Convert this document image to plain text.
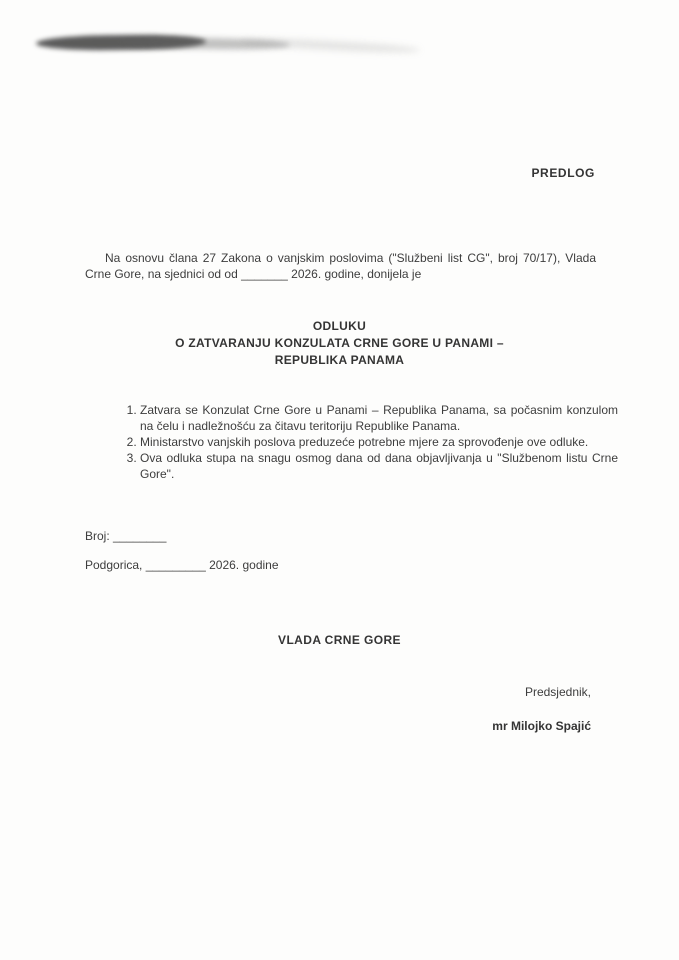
PREDLOG

Na osnovu člana 27 Zakona o vanjskim poslovima ("Službeni list CG", broj 70/17), Vlada Crne Gore, na sjednici od od _______ 2026. godine, donijela je

ODLUKU
O ZATVARANJU KONZULATA CRNE GORE U PANAMI –
REPUBLIKA PANAMA
1. Zatvara se Konzulat Crne Gore u Panami – Republika Panama, sa počasnim konzulom na čelu i nadležnošću za čitavu teritoriju Republike Panama.
2. Ministarstvo vanjskih poslova preduzeće potrebne mjere za sprovođenje ove odluke.
3. Ova odluka stupa na snagu osmog dana od dana objavljivanja u "Službenom listu Crne Gore".
Broj: ________
Podgorica, _________ 2026. godine
VLADA CRNE GORE
Predsjednik,
mr Milojko Spajić
